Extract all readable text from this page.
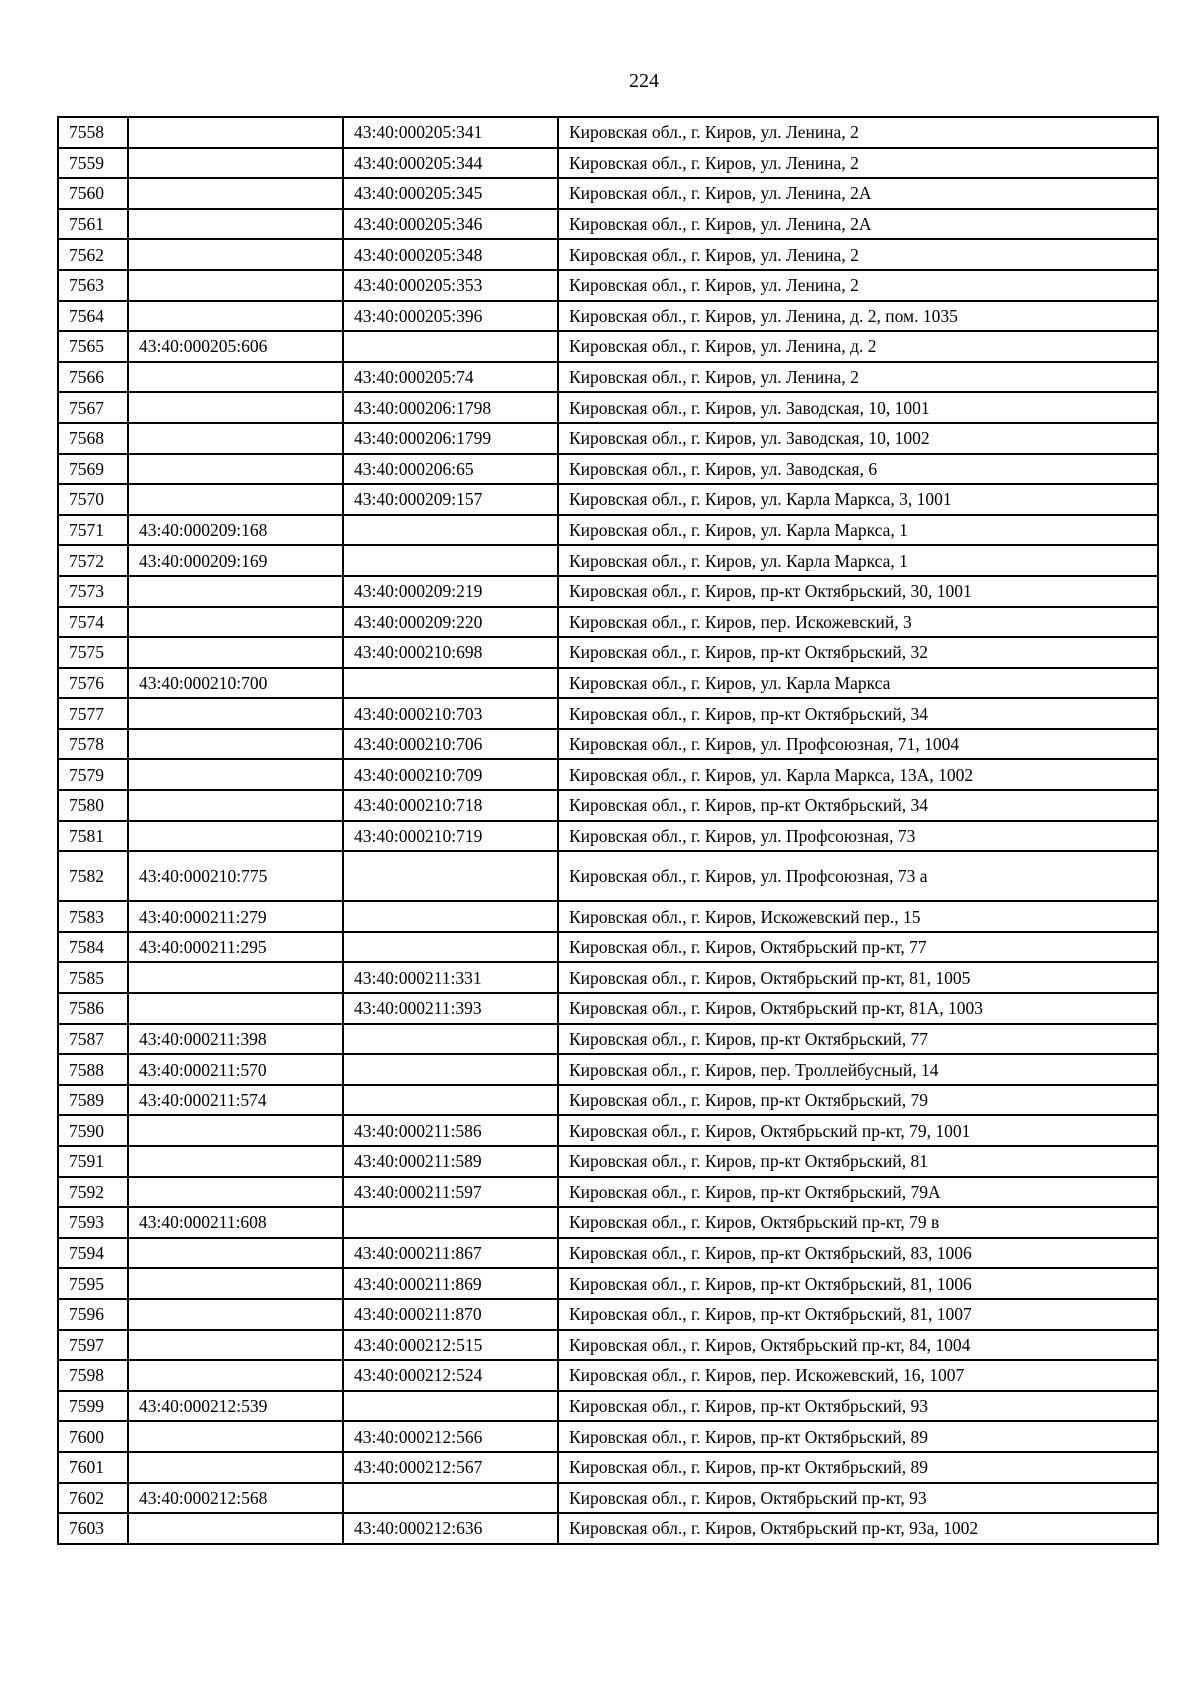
224
7558		43:40:000205:341	Кировская обл., г. Киров, ул. Ленина, 2
7559		43:40:000205:344	Кировская обл., г. Киров, ул. Ленина, 2
7560		43:40:000205:345	Кировская обл., г. Киров, ул. Ленина, 2А
7561		43:40:000205:346	Кировская обл., г. Киров, ул. Ленина, 2А
7562		43:40:000205:348	Кировская обл., г. Киров, ул. Ленина, 2
7563		43:40:000205:353	Кировская обл., г. Киров, ул. Ленина, 2
7564		43:40:000205:396	Кировская обл., г. Киров, ул. Ленина, д. 2, пом. 1035
7565	43:40:000205:606		Кировская обл., г. Киров, ул. Ленина, д. 2
7566		43:40:000205:74	Кировская обл., г. Киров, ул. Ленина, 2
7567		43:40:000206:1798	Кировская обл., г. Киров, ул. Заводская, 10, 1001
7568		43:40:000206:1799	Кировская обл., г. Киров, ул. Заводская, 10, 1002
7569		43:40:000206:65	Кировская обл., г. Киров, ул. Заводская, 6
7570		43:40:000209:157	Кировская обл., г. Киров, ул. Карла Маркса, 3, 1001
7571	43:40:000209:168		Кировская обл., г. Киров, ул. Карла Маркса, 1
7572	43:40:000209:169		Кировская обл., г. Киров, ул. Карла Маркса, 1
7573		43:40:000209:219	Кировская обл., г. Киров, пр-кт Октябрьский, 30, 1001
7574		43:40:000209:220	Кировская обл., г. Киров, пер. Искожевский, 3
7575		43:40:000210:698	Кировская обл., г. Киров, пр-кт Октябрьский, 32
7576	43:40:000210:700		Кировская обл., г. Киров, ул. Карла Маркса
7577		43:40:000210:703	Кировская обл., г. Киров, пр-кт Октябрьский, 34
7578		43:40:000210:706	Кировская обл., г. Киров, ул. Профсоюзная, 71, 1004
7579		43:40:000210:709	Кировская обл., г. Киров, ул. Карла Маркса, 13А, 1002
7580		43:40:000210:718	Кировская обл., г. Киров, пр-кт Октябрьский, 34
7581		43:40:000210:719	Кировская обл., г. Киров, ул. Профсоюзная, 73
7582	43:40:000210:775		Кировская обл., г. Киров, ул. Профсоюзная, 73 а
7583	43:40:000211:279		Кировская обл., г. Киров, Искожевский пер., 15
7584	43:40:000211:295		Кировская обл., г. Киров, Октябрьский пр-кт, 77
7585		43:40:000211:331	Кировская обл., г. Киров, Октябрьский пр-кт, 81, 1005
7586		43:40:000211:393	Кировская обл., г. Киров, Октябрьский пр-кт, 81А, 1003
7587	43:40:000211:398		Кировская обл., г. Киров, пр-кт Октябрьский, 77
7588	43:40:000211:570		Кировская обл., г. Киров, пер. Троллейбусный, 14
7589	43:40:000211:574		Кировская обл., г. Киров, пр-кт Октябрьский, 79
7590		43:40:000211:586	Кировская обл., г. Киров, Октябрьский пр-кт, 79, 1001
7591		43:40:000211:589	Кировская обл., г. Киров, пр-кт Октябрьский, 81
7592		43:40:000211:597	Кировская обл., г. Киров, пр-кт Октябрьский, 79А
7593	43:40:000211:608		Кировская обл., г. Киров, Октябрьский пр-кт, 79 в
7594		43:40:000211:867	Кировская обл., г. Киров, пр-кт Октябрьский, 83, 1006
7595		43:40:000211:869	Кировская обл., г. Киров, пр-кт Октябрьский, 81, 1006
7596		43:40:000211:870	Кировская обл., г. Киров, пр-кт Октябрьский, 81, 1007
7597		43:40:000212:515	Кировская обл., г. Киров, Октябрьский пр-кт, 84, 1004
7598		43:40:000212:524	Кировская обл., г. Киров, пер. Искожевский, 16, 1007
7599	43:40:000212:539		Кировская обл., г. Киров, пр-кт Октябрьский, 93
7600		43:40:000212:566	Кировская обл., г. Киров, пр-кт Октябрьский, 89
7601		43:40:000212:567	Кировская обл., г. Киров, пр-кт Октябрьский, 89
7602	43:40:000212:568		Кировская обл., г. Киров, Октябрьский пр-кт, 93
7603		43:40:000212:636	Кировская обл., г. Киров, Октябрьский пр-кт, 93а, 1002
